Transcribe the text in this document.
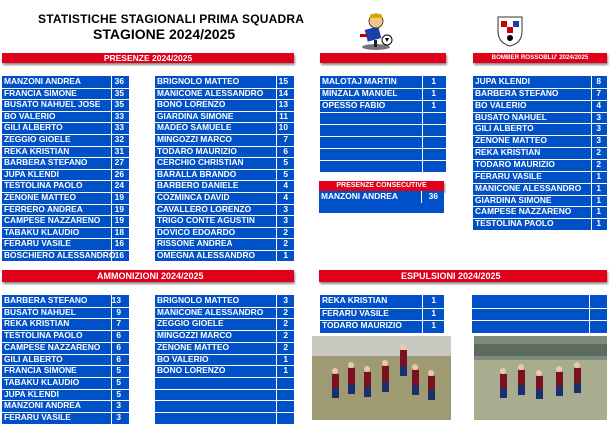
STATISTICHE STAGIONALI PRIMA SQUADRA
STAGIONE 2024/2025
PRESENZE 2024/2025	BOMBER ROSSOBLU' 2024/2025
PRESENZE CONSECUTIVE
AMMONIZIONI 2024/2025	ESPULSIONI 2024/2025
MANZONI ANDREA	36
FRANCIA SIMONE	35
BUSATO NAHUEL JOSE 35
BO VALERIO	33
GILI ALBERTO	33
ZEGGIO GIOELE	32
REKA KRISTIAN	31
BARBERA STEFANO	27
JUPA KLENDI	26
TESTOLINA PAOLO	24
ZENONE MATTEO	19
FERRERO ANDREA	19
CAMPESE NAZZARENO 19
TABAKU KLAUDIO	18
FERARU VASILE	16
BOSCHIERO ALESSANDRO 16
BRIGNOLO MATTEO	15
MANICONE ALESSANDRO 14
BONO LORENZO	13
GIARDINA SIMONE	11
MADEO SAMUELE	10
MINGOZZI MARCO	7
TODARO MAURIZIO	6
CERCHIO CHRISTIAN	5
BARALLA BRANDO	5
BARBERO DANIELE	4
COZMINCA DAVID	4
CAVALLERO LORENZO	3
TRIGO CONTE AGUSTIN	3
DOVICO EDOARDO	2
RISSONE ANDREA	2
OMEGNA ALESSANDRO	1
MALOTAJ MARTIN	1
MINZALA MANUEL	1
OPESSO FABIO	1
MANZONI ANDREA	36
JUPA KLENDI	8
BARBERA STEFANO	7
BO VALERIO	4
BUSATO NAHUEL	3
GILI ALBERTO	3
ZENONE MATTEO	3
REKA KRISTIAN	2
TODARO MAURIZIO	2
FERARU VASILE	1
MANICONE ALESSANDRO 1
GIARDINA SIMONE	1
CAMPESE NAZZARENO	1
TESTOLINA PAOLO	1
BARBERA STEFANO	13
BUSATO NAHUEL	9
REKA KRISTIAN	7
TESTOLINA PAOLO	6
CAMPESE NAZZARENO 6
GILI ALBERTO	6
FRANCIA SIMONE	5
TABAKU KLAUDIO	5
JUPA KLENDI	5
MANZONI ANDREA	3
FERARU VASILE	3
BRIGNOLO MATTEO	3
MANICONE ALESSANDRO 2
ZEGGIO GIOELE	2
MINGOZZI MARCO	2
ZENONE MATTEO	2
BO VALERIO	1
BONO LORENZO	1
REKA KRISTIAN	1
FERARU VASILE	1
TODARO MAURIZIO	1
